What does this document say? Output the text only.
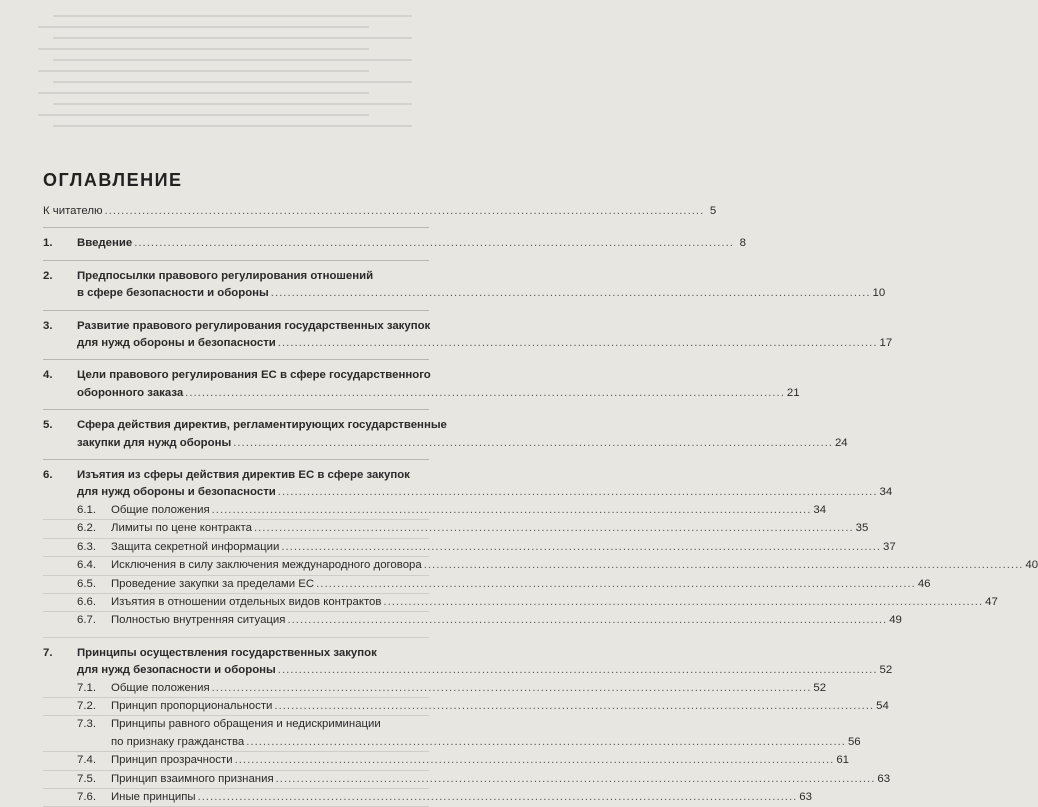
ОГЛАВЛЕНИЕ
К читателю .....	5
1.	Введение .....	8
2.	Предпосылки правового регулирования отношений
в сфере безопасности и обороны .....	10
3.	Развитие правового регулирования государственных закупок
для нужд обороны и безопасности .....	17
4.	Цели правового регулирования ЕС в сфере государственного
оборонного заказа .....	21
5.	Сфера действия директив, регламентирующих государственные
закупки для нужд обороны .....	24
6.	Изъятия из сферы действия директив ЕС в сфере закупок
для нужд обороны и безопасности .....	34
6.1.	Общие положения .....	34
6.2.	Лимиты по цене контракта .....	35
6.3.	Защита секретной информации .....	37
6.4.	Исключения в силу заключения международного договора .....	40
6.5.	Проведение закупки за пределами ЕС .....	46
6.6.	Изъятия в отношении отдельных видов контрактов .....	47
6.7.	Полностью внутренняя ситуация .....	49
7.	Принципы осуществления государственных закупок
для нужд безопасности и обороны .....	52
7.1.	Общие положения .....	52
7.2.	Принцип пропорциональности .....	54
7.3.	Принципы равного обращения и недискриминации
по признаку гражданства .....	56
7.4.	Принцип прозрачности .....	61
7.5.	Принцип взаимного признания .....	63
7.6.	Иные принципы .....	63
